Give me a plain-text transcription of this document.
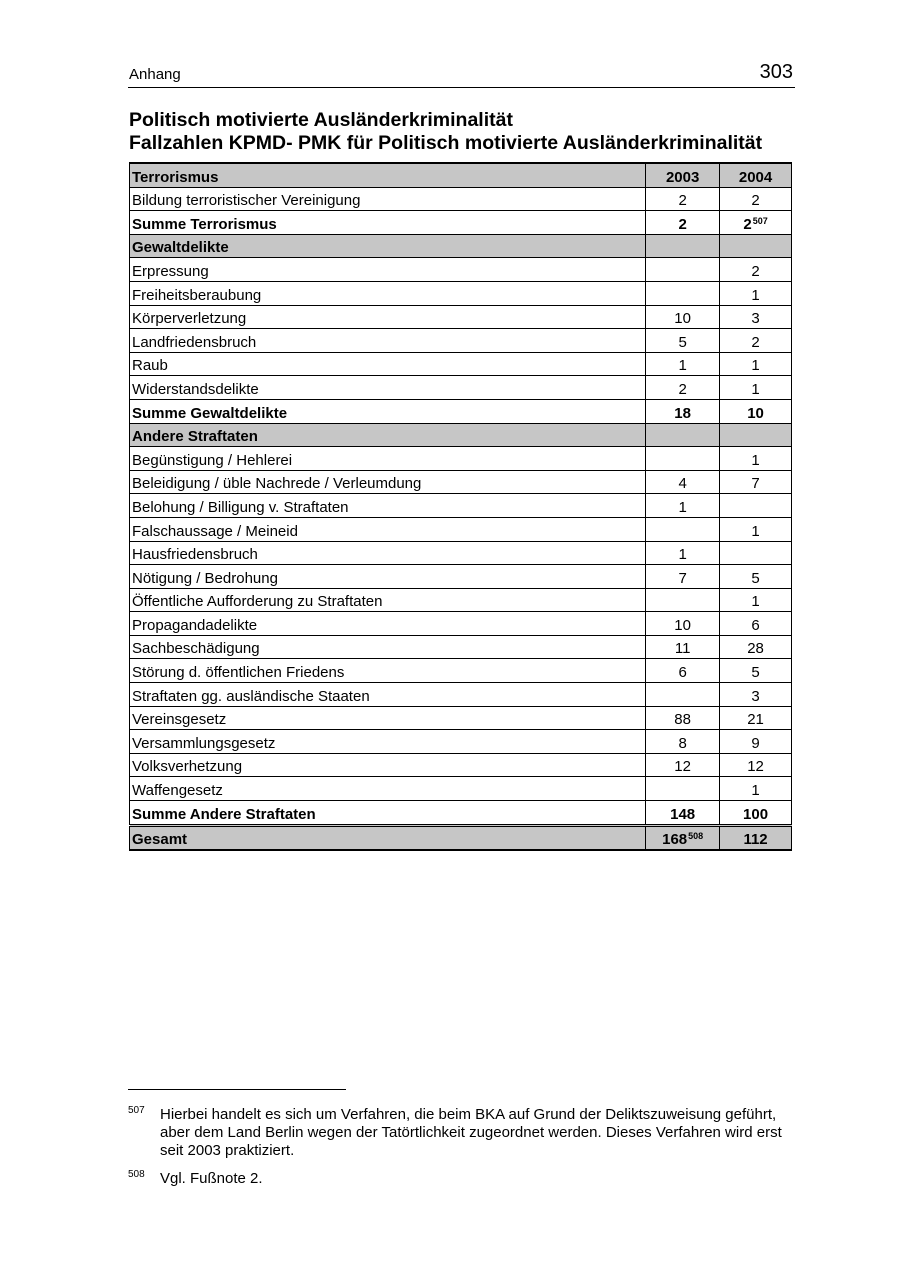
Anhang	303
Politisch motivierte Ausländerkriminalität
Fallzahlen KPMD- PMK für Politisch motivierte Ausländerkriminalität
Terrorismus	2003	2004
Bildung terroristischer Vereinigung	2	2
Summe Terrorismus	2	$2^{507}$
Gewaltdelikte		
Erpressung		2
Freiheitsberaubung		1
Körperverletzung	10	3
Landfriedensbruch	5	2
Raub	1	1
Widerstandsdelikte	2	1
Summe Gewaltdelikte	18	10
Andere Straftaten		
Begünstigung / Hehlerei		1
Beleidigung / üble Nachrede / Verleumdung	4	7
Belohung / Billigung v. Straftaten	1	
Falschaussage / Meineid		1
Hausfriedensbruch	1	
Nötigung / Bedrohung	7	5
Öffentliche Aufforderung zu Straftaten		1
Propagandadelikte	10	6
Sachbeschädigung	11	28
Störung d. öffentlichen Friedens	6	5
Straftaten gg. ausländische Staaten		3
Vereinsgesetz	88	21
Versammlungsgesetz	8	9
Volksverhetzung	12	12
Waffengesetz		1
Summe Andere Straftaten	148	100
Gesamt	$168^{508}$	112
507 Hierbei handelt es sich um Verfahren, die beim BKA auf Grund der Deliktszuweisung geführt, aber dem Land Berlin wegen der Tatörtlichkeit zugeordnet werden. Dieses Verfahren wird erst seit 2003 praktiziert.
508 Vgl. Fußnote 2.
